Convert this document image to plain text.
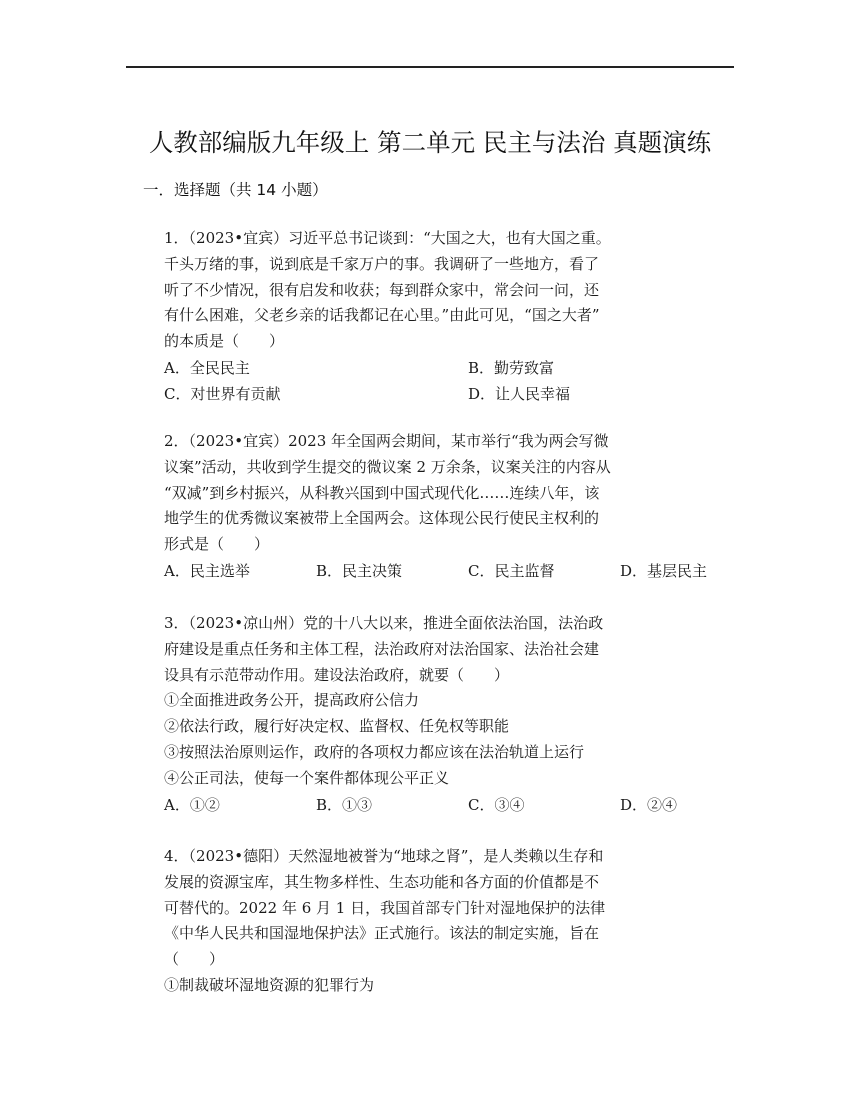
人教部编版九年级上 第二单元 民主与法治 真题演练
一．选择题（共 14 小题）
1．（2023•宜宾）习近平总书记谈到：“大国之大，也有大国之重。
千头万绪的事，说到底是千家万户的事。我调研了一些地方，看了
听了不少情况，很有启发和收获；每到群众家中，常会问一问，还
有什么困难，父老乡亲的话我都记在心里。”由此可见，“国之大者”
的本质是（　　）
A．全民民主	B．勤劳致富
C．对世界有贡献	D．让人民幸福
2．（2023•宜宾）2023 年全国两会期间，某市举行“我为两会写微
议案”活动，共收到学生提交的微议案 2 万余条，议案关注的内容从
“双减”到乡村振兴，从科教兴国到中国式现代化……连续八年，该
地学生的优秀微议案被带上全国两会。这体现公民行使民主权利的
形式是（　　）
A．民主选举	B．民主决策	C．民主监督	D．基层民主
3．（2023•凉山州）党的十八大以来，推进全面依法治国，法治政
府建设是重点任务和主体工程，法治政府对法治国家、法治社会建
设具有示范带动作用。建设法治政府，就要（　　）
①全面推进政务公开，提高政府公信力
②依法行政，履行好决定权、监督权、任免权等职能
③按照法治原则运作，政府的各项权力都应该在法治轨道上运行
④公正司法，使每一个案件都体现公平正义
A．①②	B．①③	C．③④	D．②④
4．（2023•德阳）天然湿地被誉为“地球之肾”，是人类赖以生存和
发展的资源宝库，其生物多样性、生态功能和各方面的价值都是不
可替代的。2022 年 6 月 1 日，我国首部专门针对湿地保护的法律
《中华人民共和国湿地保护法》正式施行。该法的制定实施，旨在
（　　）
①制裁破坏湿地资源的犯罪行为
